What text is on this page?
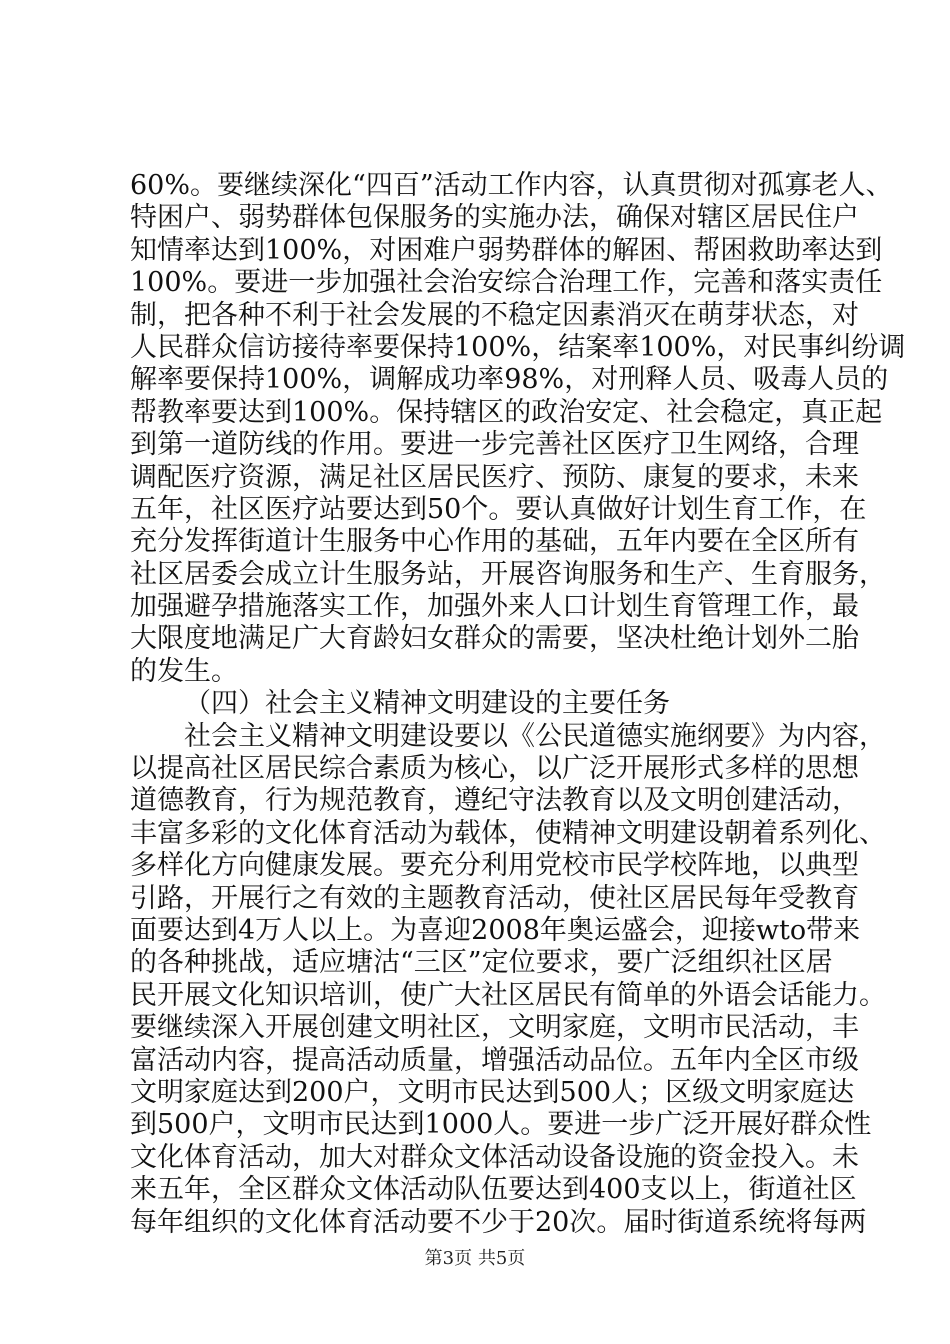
60%。要继续深化“四百”活动工作内容，认真贯彻对孤寡老人、
特困户、弱势群体包保服务的实施办法，确保对辖区居民住户
知情率达到100%，对困难户弱势群体的解困、帮困救助率达到
100%。要进一步加强社会治安综合治理工作，完善和落实责任
制，把各种不利于社会发展的不稳定因素消灭在萌芽状态，对
人民群众信访接待率要保持100%，结案率100%，对民事纠纷调
解率要保持100%，调解成功率98%，对刑释人员、吸毒人员的
帮教率要达到100%。保持辖区的政治安定、社会稳定，真正起
到第一道防线的作用。要进一步完善社区医疗卫生网络，合理
调配医疗资源，满足社区居民医疗、预防、康复的要求，未来
五年，社区医疗站要达到50个。要认真做好计划生育工作，在
充分发挥街道计生服务中心作用的基础，五年内要在全区所有
社区居委会成立计生服务站，开展咨询服务和生产、生育服务，
加强避孕措施落实工作，加强外来人口计划生育管理工作，最
大限度地满足广大育龄妇女群众的需要，坚决杜绝计划外二胎
的发生。
（四）社会主义精神文明建设的主要任务
社会主义精神文明建设要以《公民道德实施纲要》为内容，
以提高社区居民综合素质为核心，以广泛开展形式多样的思想
道德教育，行为规范教育，遵纪守法教育以及文明创建活动，
丰富多彩的文化体育活动为载体，使精神文明建设朝着系列化、
多样化方向健康发展。要充分利用党校市民学校阵地，以典型
引路，开展行之有效的主题教育活动，使社区居民每年受教育
面要达到4万人以上。为喜迎2008年奥运盛会，迎接wto带来
的各种挑战，适应塘沽“三区”定位要求，要广泛组织社区居
民开展文化知识培训，使广大社区居民有简单的外语会话能力。
要继续深入开展创建文明社区，文明家庭，文明市民活动，丰
富活动内容，提高活动质量，增强活动品位。五年内全区市级
文明家庭达到200户，文明市民达到500人；区级文明家庭达
到500户，文明市民达到1000人。要进一步广泛开展好群众性
文化体育活动，加大对群众文体活动设备设施的资金投入。未
来五年，全区群众文体活动队伍要达到400支以上，街道社区
每年组织的文化体育活动要不少于20次。届时街道系统将每两
第3页 共5页
